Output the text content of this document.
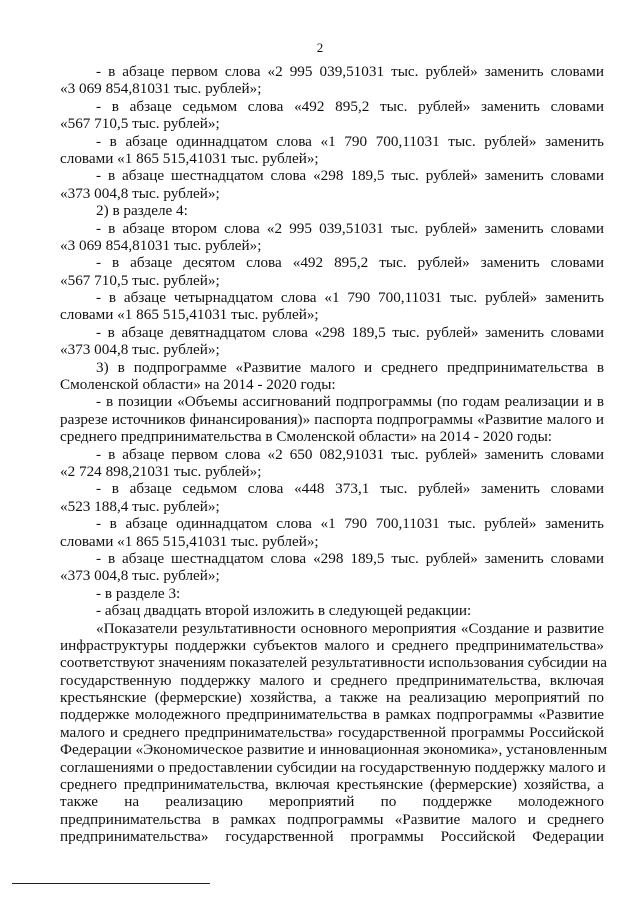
2
- в абзаце первом слова «2 995 039,51031 тыс. рублей» заменить словами
«3 069 854,81031 тыс. рублей»;
- в абзаце седьмом слова «492 895,2 тыс. рублей» заменить словами
«567 710,5 тыс. рублей»;
- в абзаце одиннадцатом слова «1 790 700,11031 тыс. рублей» заменить
словами «1 865 515,41031 тыс. рублей»;
- в абзаце шестнадцатом слова «298 189,5 тыс. рублей» заменить словами
«373 004,8 тыс. рублей»;
2) в разделе 4:
- в абзаце втором слова «2 995 039,51031 тыс. рублей» заменить словами
«3 069 854,81031 тыс. рублей»;
- в абзаце десятом слова «492 895,2 тыс. рублей» заменить словами
«567 710,5 тыс. рублей»;
- в абзаце четырнадцатом слова «1 790 700,11031 тыс. рублей» заменить
словами «1 865 515,41031 тыс. рублей»;
- в абзаце девятнадцатом слова «298 189,5 тыс. рублей» заменить словами
«373 004,8 тыс. рублей»;
3) в подпрограмме «Развитие малого и среднего предпринимательства в
Смоленской области» на 2014 - 2020 годы:
- в позиции «Объемы ассигнований подпрограммы (по годам реализации и в
разрезе источников финансирования)» паспорта подпрограммы «Развитие малого и
среднего предпринимательства в Смоленской области» на 2014 - 2020 годы:
- в абзаце первом слова «2 650 082,91031 тыс. рублей» заменить словами
«2 724 898,21031 тыс. рублей»;
- в абзаце седьмом слова «448 373,1 тыс. рублей» заменить словами
«523 188,4 тыс. рублей»;
- в абзаце одиннадцатом слова «1 790 700,11031 тыс. рублей» заменить
словами «1 865 515,41031 тыс. рублей»;
- в абзаце шестнадцатом слова «298 189,5 тыс. рублей» заменить словами
«373 004,8 тыс. рублей»;
- в разделе 3:
- абзац двадцать второй изложить в следующей редакции:
«Показатели результативности основного мероприятия «Создание и развитие
инфраструктуры поддержки субъектов малого и среднего предпринимательства»
соответствуют значениям показателей результативности использования субсидии на
государственную поддержку малого и среднего предпринимательства, включая
крестьянские (фермерские) хозяйства, а также на реализацию мероприятий по
поддержке молодежного предпринимательства в рамках подпрограммы «Развитие
малого и среднего предпринимательства» государственной программы Российской
Федерации «Экономическое развитие и инновационная экономика», установленным
соглашениями о предоставлении субсидии на государственную поддержку малого и
среднего предпринимательства, включая крестьянские (фермерские) хозяйства, а
также на реализацию мероприятий по поддержке молодежного
предпринимательства в рамках подпрограммы «Развитие малого и среднего
предпринимательства» государственной программы Российской Федерации
